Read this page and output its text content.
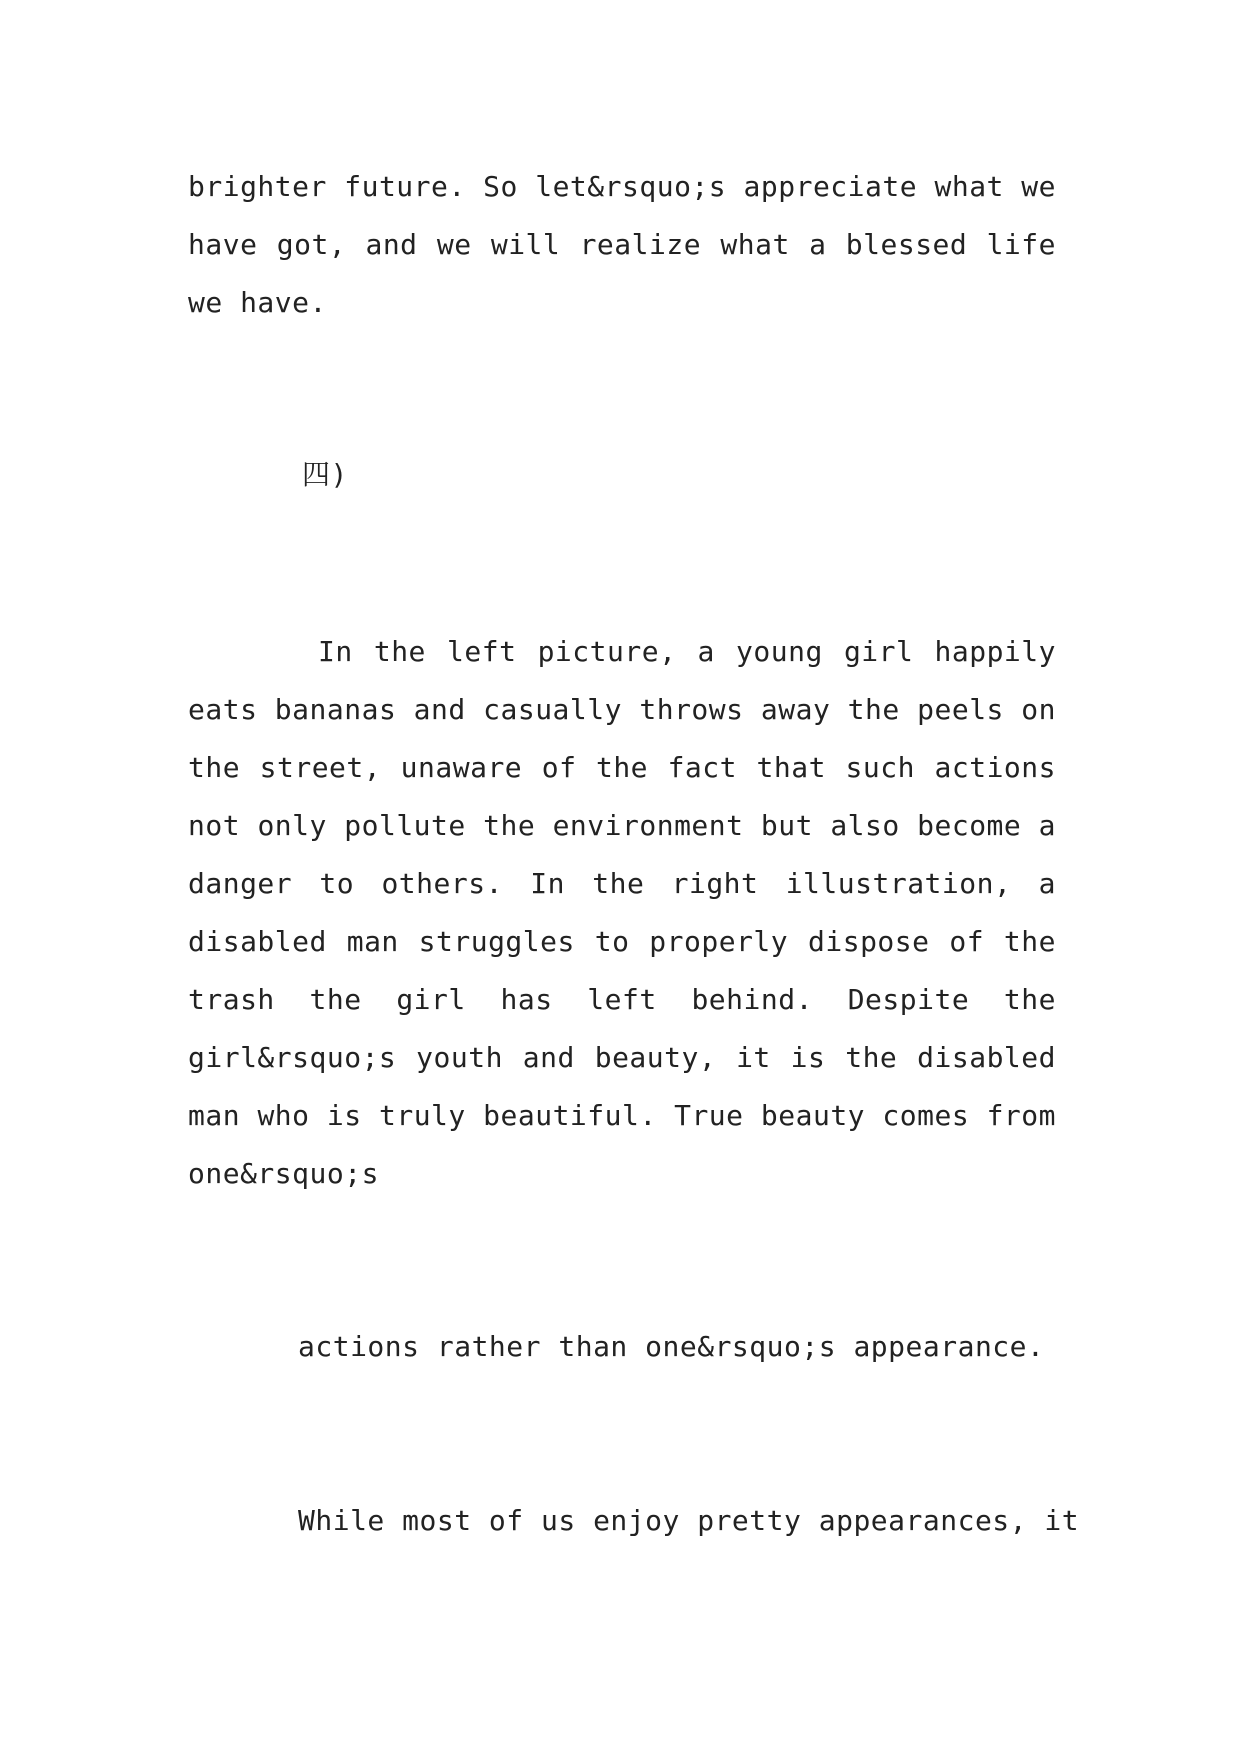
brighter future. So let&rsquo;s appreciate what we
have got, and we will realize what a blessed life
we have.
四)
In the left picture, a young girl happily
eats bananas and casually throws away the peels on
the street, unaware of the fact that such actions
not only pollute the environment but also become a
danger to others. In the right illustration, a
disabled man struggles to properly dispose of the
trash the girl has left behind. Despite the
girl&rsquo;s youth and beauty, it is the disabled
man who is truly beautiful. True beauty comes from
one&rsquo;s
actions rather than one&rsquo;s appearance.
While most of us enjoy pretty appearances, it
